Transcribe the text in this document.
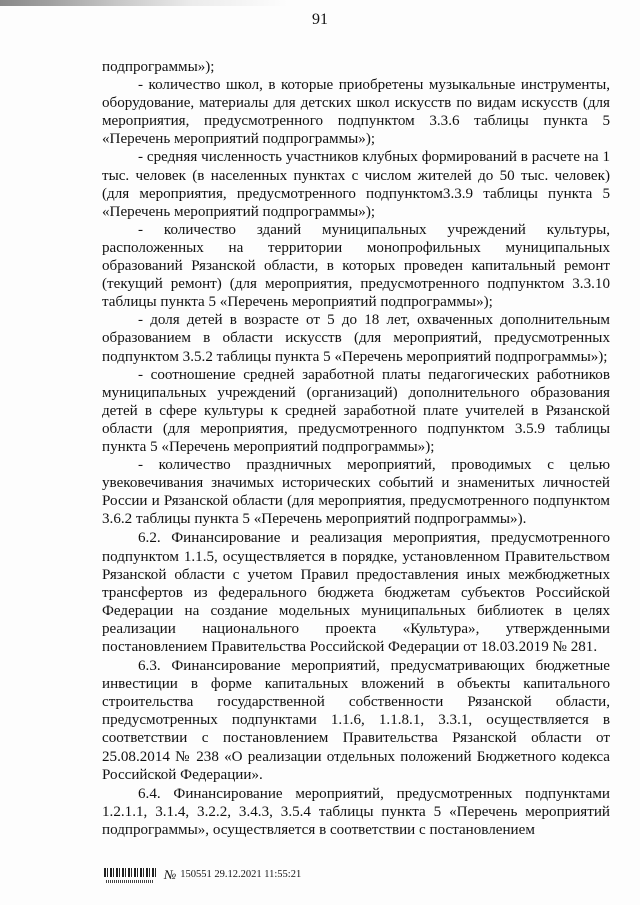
91

подпрограммы»);

- количество школ, в которые приобретены музыкальные инструменты, оборудование, материалы для детских школ искусств по видам искусств (для мероприятия, предусмотренного подпунктом 3.3.6 таблицы пункта 5 «Перечень мероприятий подпрограммы»);

- средняя численность участников клубных формирований в расчете на 1 тыс. человек (в населенных пунктах с числом жителей до 50 тыс. человек) (для мероприятия, предусмотренного подпунктом3.3.9 таблицы пункта 5 «Перечень мероприятий подпрограммы»);

- количество зданий муниципальных учреждений культуры, расположенных на территории монопрофильных муниципальных образований Рязанской области, в которых проведен капитальный ремонт (текущий ремонт) (для мероприятия, предусмотренного подпунктом 3.3.10 таблицы пункта 5 «Перечень мероприятий подпрограммы»);

- доля детей в возрасте от 5 до 18 лет, охваченных дополнительным образованием в области искусств (для мероприятий, предусмотренных подпунктом 3.5.2 таблицы пункта 5 «Перечень мероприятий подпрограммы»);

- соотношение средней заработной платы педагогических работников муниципальных учреждений (организаций) дополнительного образования детей в сфере культуры к средней заработной плате учителей в Рязанской области (для мероприятия, предусмотренного подпунктом 3.5.9 таблицы пункта 5 «Перечень мероприятий подпрограммы»);

- количество праздничных мероприятий, проводимых с целью увековечивания значимых исторических событий и знаменитых личностей России и Рязанской области (для мероприятия, предусмотренного подпунктом 3.6.2 таблицы пункта 5 «Перечень мероприятий подпрограммы»).

6.2. Финансирование и реализация мероприятия, предусмотренного подпунктом 1.1.5, осуществляется в порядке, установленном Правительством Рязанской области с учетом Правил предоставления иных межбюджетных трансфертов из федерального бюджета бюджетам субъектов Российской Федерации на создание модельных муниципальных библиотек в целях реализации национального проекта «Культура», утвержденными постановлением Правительства Российской Федерации от 18.03.2019 № 281.

6.3. Финансирование мероприятий, предусматривающих бюджетные инвестиции в форме капитальных вложений в объекты капитального строительства государственной собственности Рязанской области, предусмотренных подпунктами 1.1.6, 1.1.8.1, 3.3.1, осуществляется в соответствии с постановлением Правительства Рязанской области от 25.08.2014 № 238 «О реализации отдельных положений Бюджетного кодекса Российской Федерации».

6.4. Финансирование мероприятий, предусмотренных подпунктами 1.2.1.1, 3.1.4, 3.2.2, 3.4.3, 3.5.4 таблицы пункта 5 «Перечень мероприятий подпрограммы», осуществляется в соответствии с постановлением

№ 150551 29.12.2021 11:55:21
